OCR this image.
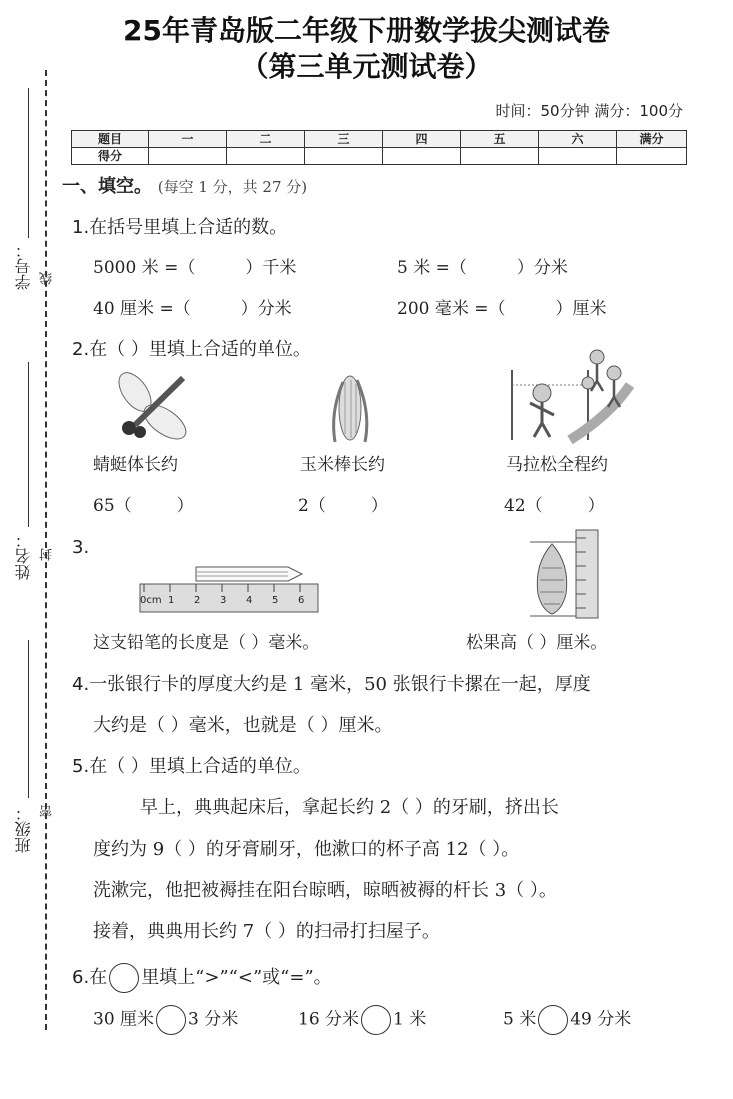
25年青岛版二年级下册数学拔尖测试卷
（第三单元测试卷）
时间：50分钟 满分：100分
题目	一	二	三	四	五	六	满分
得分							
学号： 线
姓名： 封
班级： 密
一、填空。 (每空 1 分，共 27 分)
1.在括号里填上合适的数。
5000 米 =（	）千米	5 米 =（	）分米
40 厘米 =（	）分米	200 毫米 =（	）厘米
2.在（ ）里填上合适的单位。
蜻蜓体长约	玉米棒长约	马拉松全程约
65（	）	2（	）	42（	）
3.
0cm 1 2 3 4 5 6
这支铅笔的长度是（ ）毫米。	松果高（ ）厘米。
4.一张银行卡的厚度大约是 1 毫米，50 张银行卡摞在一起，厚度
大约是（ ）毫米，也就是（ ）厘米。
5.在（ ）里填上合适的单位。
早上，典典起床后，拿起长约 2（ ）的牙刷，挤出长
度约为 9（ ）的牙膏刷牙，他漱口的杯子高 12（ ）。
洗漱完，他把被褥挂在阳台晾晒，晾晒被褥的杆长 3（ ）。
接着，典典用长约 7（ ）的扫帚打扫屋子。
6.在 里填上“>”“<”或“=”。
30 厘米 3 分米	16 分米 1 米	5 米 49 分米
